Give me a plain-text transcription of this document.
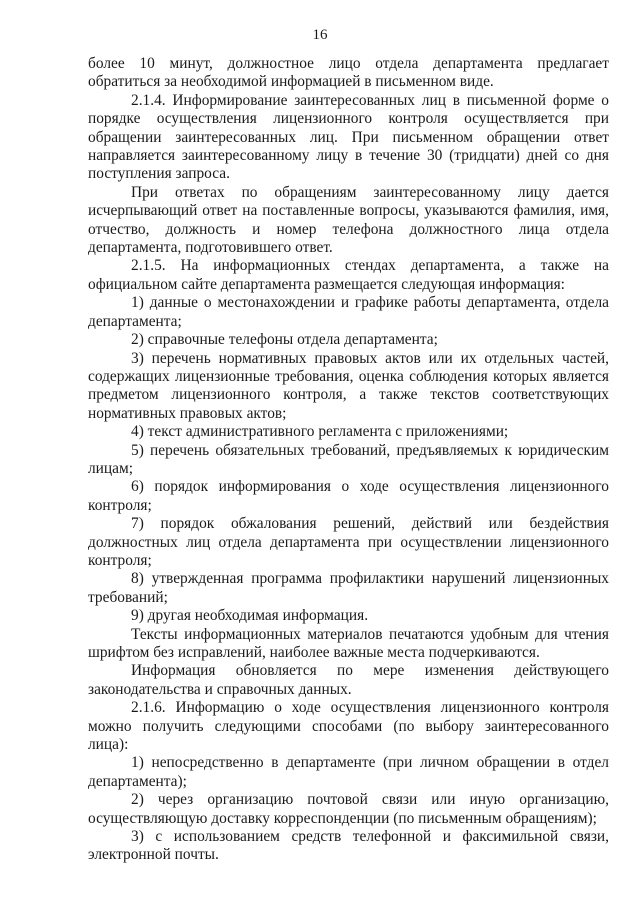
16

более 10 минут, должностное лицо отдела департамента предлагает обратиться за необходимой информацией в письменном виде.

2.1.4. Информирование заинтересованных лиц в письменной форме о порядке осуществления лицензионного контроля осуществляется при обращении заинтересованных лиц. При письменном обращении ответ направляется заинтересованному лицу в течение 30 (тридцати) дней со дня поступления запроса.

При ответах по обращениям заинтересованному лицу дается исчерпывающий ответ на поставленные вопросы, указываются фамилия, имя, отчество, должность и номер телефона должностного лица отдела департамента, подготовившего ответ.

2.1.5. На информационных стендах департамента, а также на официальном сайте департамента размещается следующая информация:

1) данные о местонахождении и графике работы департамента, отдела департамента;

2) справочные телефоны отдела департамента;

3) перечень нормативных правовых актов или их отдельных частей, содержащих лицензионные требования, оценка соблюдения которых является предметом лицензионного контроля, а также текстов соответствующих нормативных правовых актов;

4) текст административного регламента с приложениями;

5) перечень обязательных требований, предъявляемых к юридическим лицам;

6) порядок информирования о ходе осуществления лицензионного контроля;

7) порядок обжалования решений, действий или бездействия должностных лиц отдела департамента при осуществлении лицензионного контроля;

8) утвержденная программа профилактики нарушений лицензионных требований;

9) другая необходимая информация.

Тексты информационных материалов печатаются удобным для чтения шрифтом без исправлений, наиболее важные места подчеркиваются.

Информация обновляется по мере изменения действующего законодательства и справочных данных.

2.1.6. Информацию о ходе осуществления лицензионного контроля можно получить следующими способами (по выбору заинтересованного лица):

1) непосредственно в департаменте (при личном обращении в отдел департамента);

2) через организацию почтовой связи или иную организацию, осуществляющую доставку корреспонденции (по письменным обращениям);

3) с использованием средств телефонной и факсимильной связи, электронной почты.
